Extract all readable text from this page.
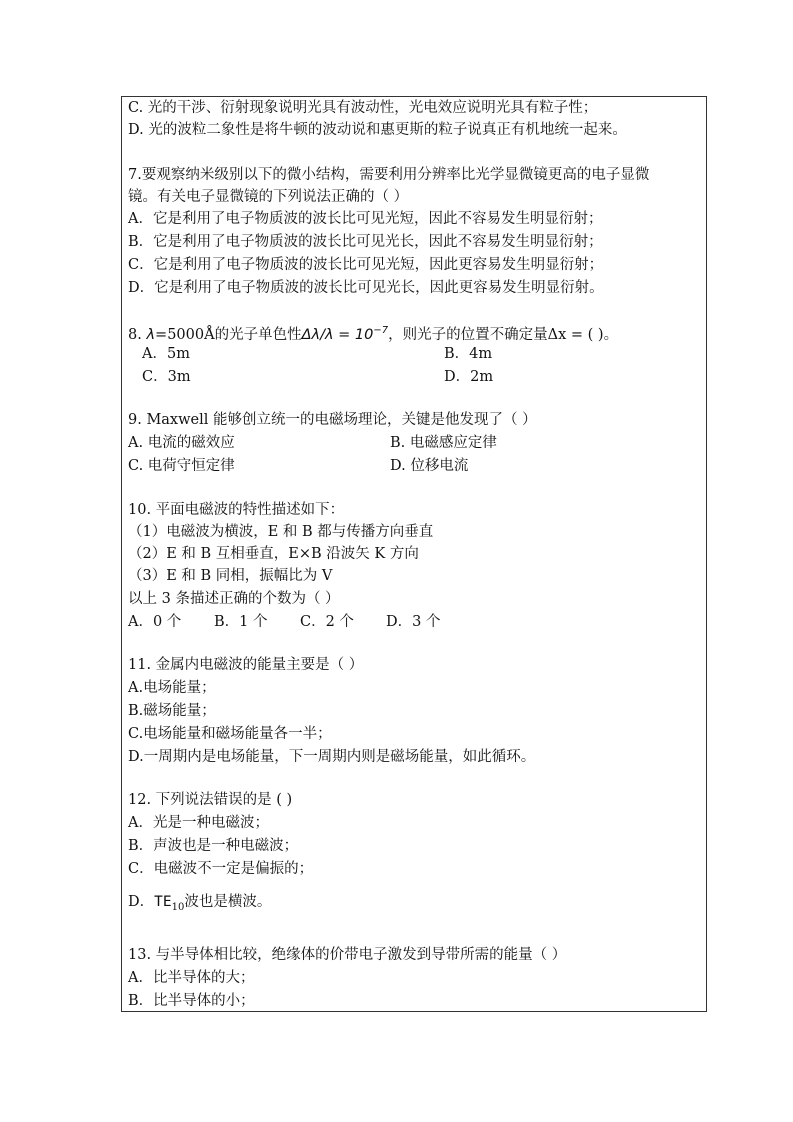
C. 光的干涉、衍射现象说明光具有波动性，光电效应说明光具有粒子性；
D. 光的波粒二象性是将牛顿的波动说和惠更斯的粒子说真正有机地统一起来。
7.要观察纳米级别以下的微小结构，需要利用分辨率比光学显微镜更高的电子显微
镜。有关电子显微镜的下列说法正确的（ ）
A．它是利用了电子物质波的波长比可见光短，因此不容易发生明显衍射；
B．它是利用了电子物质波的波长比可见光长，因此不容易发生明显衍射；
C．它是利用了电子物质波的波长比可见光短，因此更容易发生明显衍射；
D．它是利用了电子物质波的波长比可见光长，因此更容易发生明显衍射。
8. λ=5000Å的光子单色性$\Delta\lambda/\lambda = 10^{-7}$，则光子的位置不确定量Δx = ( )。
A．5m	B．4m
C．3m	D．2m
9. Maxwell 能够创立统一的电磁场理论，关键是他发现了（ ）
A. 电流的磁效应	B. 电磁感应定律
C. 电荷守恒定律	D. 位移电流
10. 平面电磁波的特性描述如下：
（1）电磁波为横波，E 和 B 都与传播方向垂直
（2）E 和 B 互相垂直，E×B 沿波矢 K 方向
（3）E 和 B 同相，振幅比为 V
以上 3 条描述正确的个数为（ ）
A．0 个 B．1 个 C．2 个 D．3 个
11. 金属内电磁波的能量主要是（ ）
A.电场能量；
B.磁场能量；
C.电场能量和磁场能量各一半；
D.一周期内是电场能量，下一周期内则是磁场能量，如此循环。
12. 下列说法错误的是 ( )
A．光是一种电磁波；
B．声波也是一种电磁波；
C．电磁波不一定是偏振的；
D．$TE_{10}$波也是横波。
13. 与半导体相比较，绝缘体的价带电子激发到导带所需的能量（ ）
A．比半导体的大；
B．比半导体的小；
